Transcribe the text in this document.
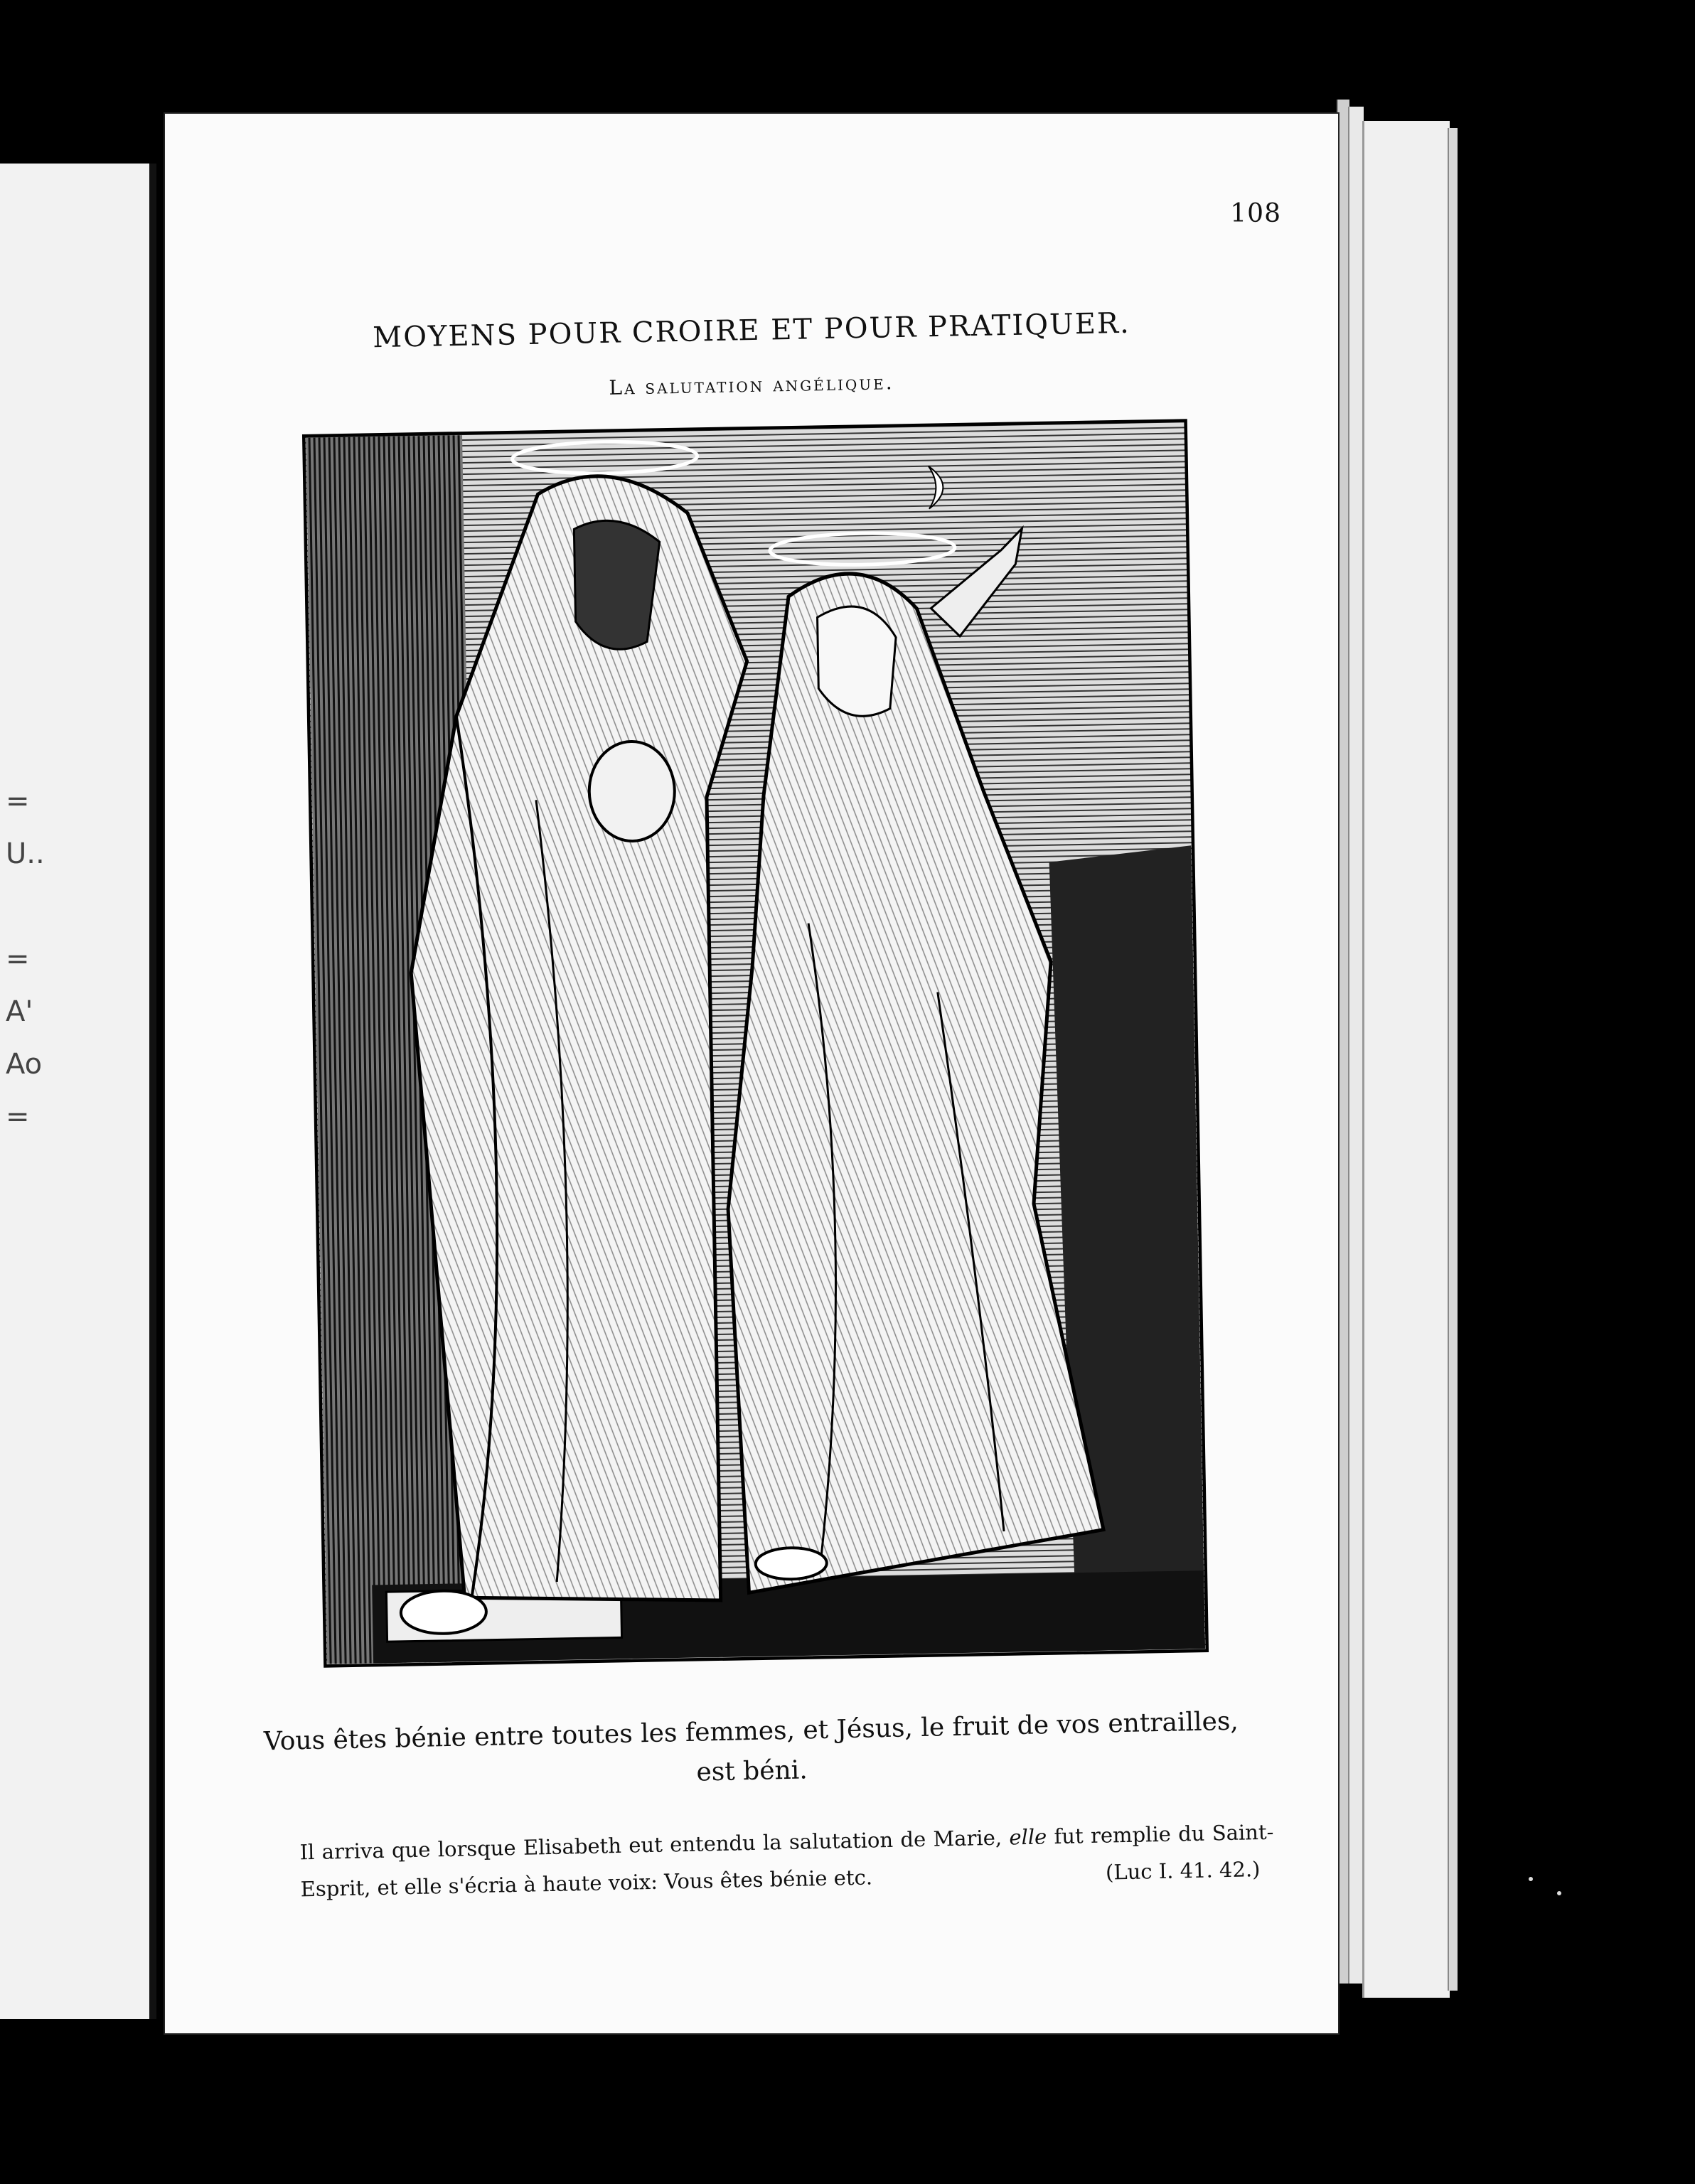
=
U..

=
A'
Ao
=
108
MOYENS POUR CROIRE ET POUR PRATIQUER.
La salutation angélique.
Vous êtes bénie entre toutes les femmes, et Jésus, le fruit de vos entrailles,
est béni.
Il arriva que lorsque Elisabeth eut entendu la salutation de Marie, elle fut remplie du Saint-Esprit, et elle s'écria à haute voix: Vous êtes bénie etc.	(Luc I. 41. 42.)
